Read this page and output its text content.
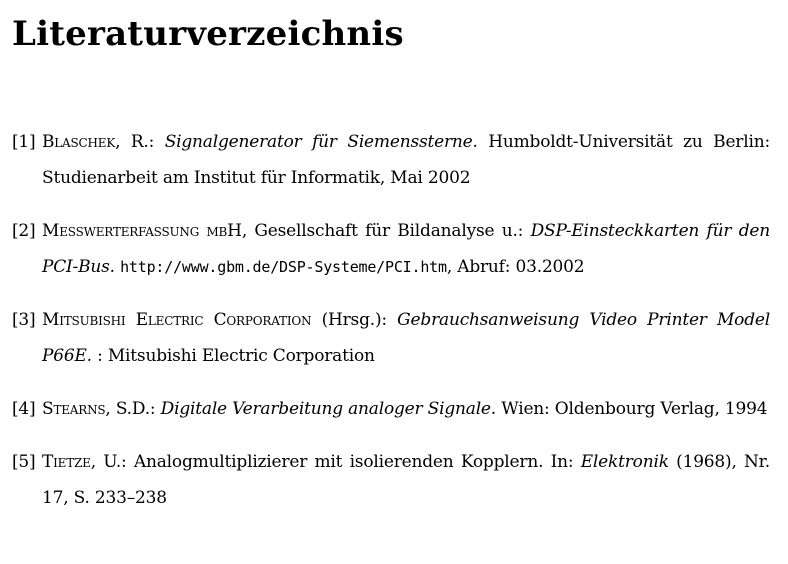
Literaturverzeichnis
[1] Blaschek, R.: Signalgenerator für Siemenssterne. Humboldt-Universität zu Berlin: Studienarbeit am Institut für Informatik, Mai 2002
[2] Messwerterfassung mbH, Gesellschaft für Bildanalyse u.: DSP-Einsteckkarten für den PCI-Bus. http://www.gbm.de/DSP-Systeme/PCI.htm, Abruf: 03.2002
[3] Mitsubishi Electric Corporation (Hrsg.): Gebrauchsanweisung Video Printer Model P66E. : Mitsubishi Electric Corporation
[4] Stearns, S.D.: Digitale Verarbeitung analoger Signale. Wien: Oldenbourg Verlag, 1994
[5] Tietze, U.: Analogmultiplizierer mit isolierenden Kopplern. In: Elektronik (1968), Nr. 17, S. 233–238
